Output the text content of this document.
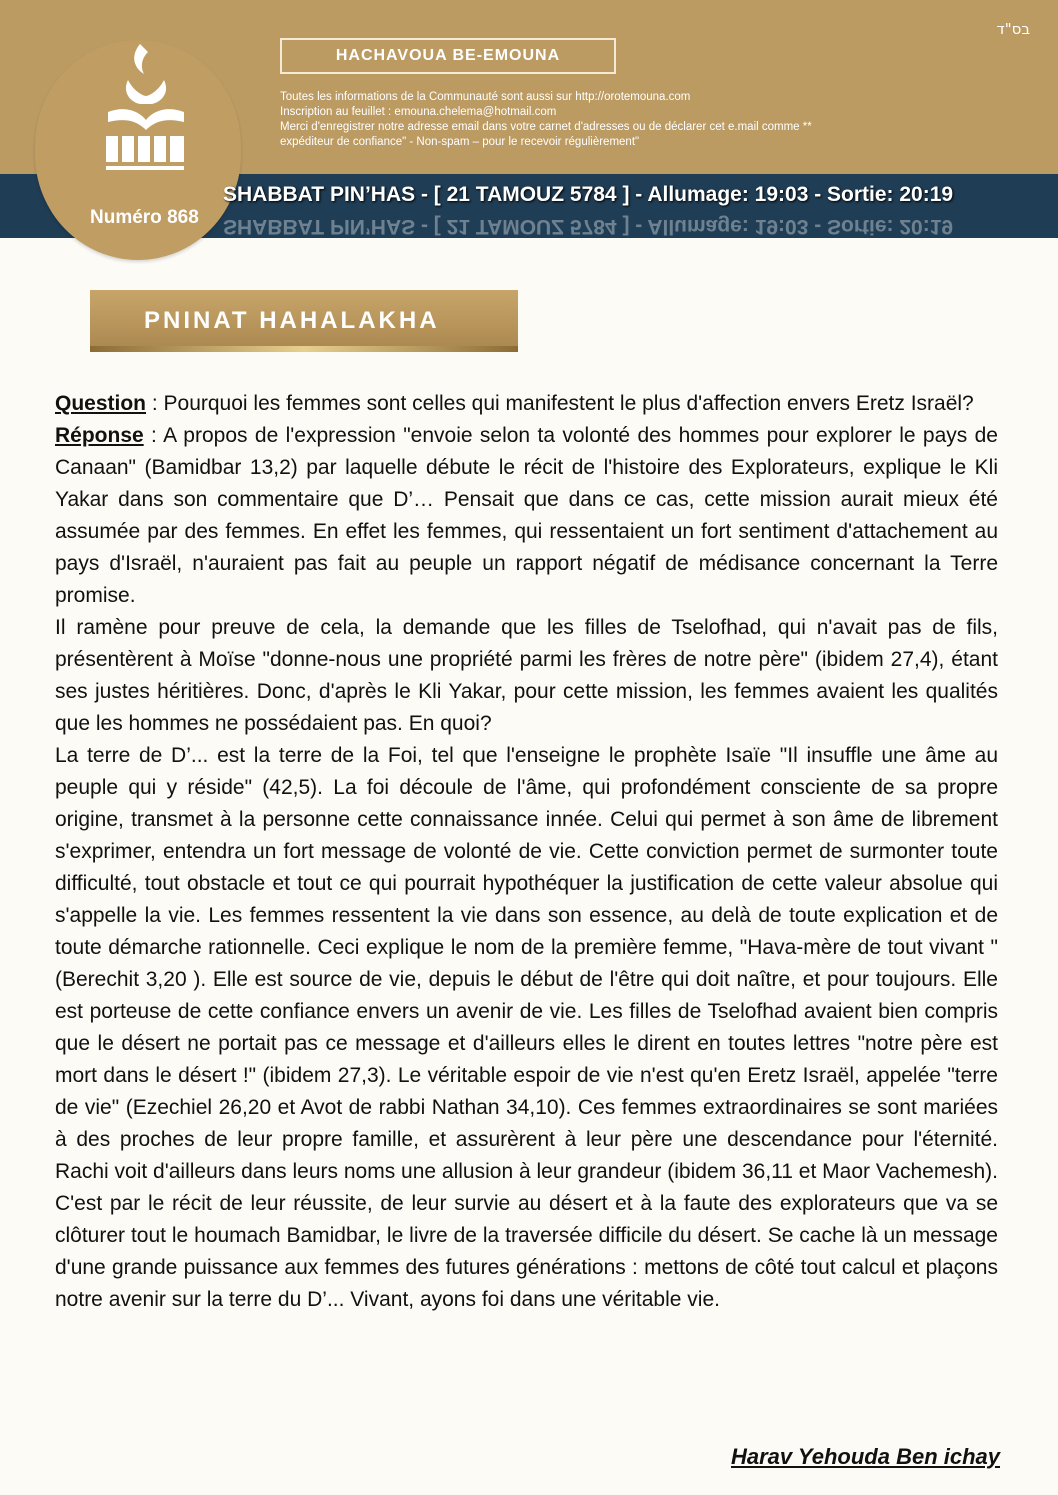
בס"ד
HACHAVOUA BE-EMOUNA
Toutes les informations de la Communauté sont aussi sur http://orotemouna.com
Inscription au feuillet : emouna.chelema@hotmail.com
Merci d'enregistrer notre adresse email dans votre carnet d'adresses ou de déclarer cet e.mail comme **
expéditeur de confiance" - Non-spam – pour le recevoir régulièrement"
Numéro 868
SHABBAT PIN’HAS - [ 21 TAMOUZ 5784 ] - Allumage: 19:03 - Sortie: 20:19
SHABBAT PIN’HAS - [ 21 TAMOUZ 5784 ] - Allumage: 19:03 - Sortie: 20:19
PNINAT HAHALAKHA

Question : Pourquoi les femmes sont celles qui manifestent le plus d'affection envers Eretz Israël?

Réponse : A propos de l'expression "envoie selon ta volonté des hommes pour explorer le pays de Canaan" (Bamidbar 13,2) par laquelle débute le récit de l'histoire des Explorateurs, explique le Kli Yakar dans son commentaire que D’… Pensait que dans ce cas, cette mission aurait mieux été assumée par des femmes. En effet les femmes, qui ressentaient un fort sentiment d'attachement au pays d'Israël, n'auraient pas fait au peuple un rapport négatif de médisance concernant la Terre promise.

Il ramène pour preuve de cela, la demande que les filles de Tselofhad, qui n'avait pas de fils, présentèrent à Moïse "donne-nous une propriété parmi les frères de notre père" (ibidem 27,4), étant ses justes héritières. Donc, d'après le Kli Yakar, pour cette mission, les femmes avaient les qualités que les hommes ne possédaient pas. En quoi?

La terre de D’... est la terre de la Foi, tel que l'enseigne le prophète Isaïe "Il insuffle une âme au peuple qui y réside" (42,5). La foi découle de l'âme, qui profondément consciente de sa propre origine, transmet à la personne cette connaissance innée. Celui qui permet à son âme de librement s'exprimer, entendra un fort message de volonté de vie. Cette conviction permet de surmonter toute difficulté, tout obstacle et tout ce qui pourrait hypothéquer la justification de cette valeur absolue qui s'appelle la vie. Les femmes ressentent la vie dans son essence, au delà de toute explication et de toute démarche rationnelle. Ceci explique le nom de la première femme, "Hava-mère de tout vivant " (Berechit 3,20 ). Elle est source de vie, depuis le début de l'être qui doit naître, et pour toujours. Elle est porteuse de cette confiance envers un avenir de vie. Les filles de Tselofhad avaient bien compris que le désert ne portait pas ce message et d'ailleurs elles le dirent en toutes lettres "notre père est mort dans le désert !" (ibidem 27,3). Le véritable espoir de vie n'est qu'en Eretz Israël, appelée "terre de vie" (Ezechiel 26,20 et Avot de rabbi Nathan 34,10). Ces femmes extraordinaires se sont mariées à des proches de leur propre famille, et assurèrent à leur père une descendance pour l'éternité. Rachi voit d'ailleurs dans leurs noms une allusion à leur grandeur (ibidem 36,11 et Maor Vachemesh). C'est par le récit de leur réussite, de leur survie au désert et à la faute des explorateurs que va se clôturer tout le houmach Bamidbar, le livre de la traversée difficile du désert. Se cache là un message d'une grande puissance aux femmes des futures générations : mettons de côté tout calcul et plaçons notre avenir sur la terre du D’... Vivant, ayons foi dans une véritable vie.

Harav Yehouda Ben ichay
